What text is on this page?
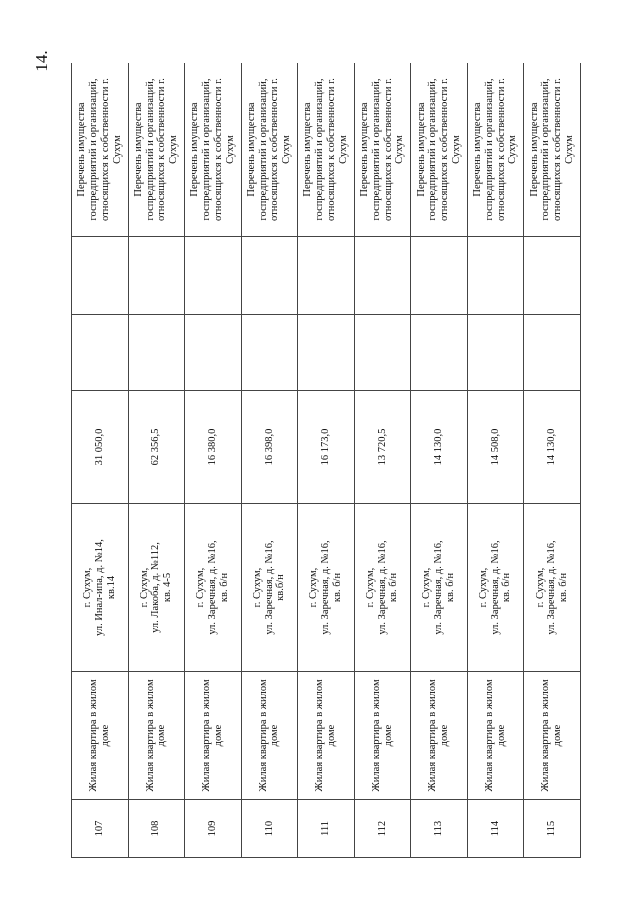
14.
107	Жилая квартира в жилом доме	г. Сухум,
ул. Инал-ипа, д. №14,
кв.14	31 050,0			Перечень имущества госпредприятий и организаций, относящихся к собственности г. Сухум
108	Жилая квартира в жилом доме	г. Сухум,
ул. Лакоба, д. №112,
кв. 4-5	62 356,5			Перечень имущества госпредприятий и организаций, относящихся к собственности г. Сухум
109	Жилая квартира в жилом доме	г. Сухум,
ул. Заречная, д. №16,
кв. б/н	16 380,0			Перечень имущества госпредприятий и организаций, относящихся к собственности г. Сухум
110	Жилая квартира в жилом доме	г. Сухум,
ул. Заречная, д. №16,
кв.б/н	16 398,0			Перечень имущества госпредприятий и организаций, относящихся к собственности г. Сухум
111	Жилая квартира в жилом доме	г. Сухум,
ул. Заречная, д. №16,
кв. б/н	16 173,0			Перечень имущества госпредприятий и организаций, относящихся к собственности г. Сухум
112	Жилая квартира в жилом доме	г. Сухум,
ул. Заречная, д. №16,
кв. б/н	13 720,5			Перечень имущества госпредприятий и организаций, относящихся к собственности г. Сухум
113	Жилая квартира в жилом доме	г. Сухум,
ул. Заречная, д. №16,
кв. б/н	14 130,0			Перечень имущества госпредприятий и организаций, относящихся к собственности г. Сухум
114	Жилая квартира в жилом доме	г. Сухум,
ул. Заречная, д. №16,
кв. б/н	14 508,0			Перечень имущества госпредприятий и организаций, относящихся к собственности г. Сухум
115	Жилая квартира в жилом доме	г. Сухум,
ул. Заречная, д. №16,
кв. б/н	14 130,0			Перечень имущества госпредприятий и организаций, относящихся к собственности г. Сухум
